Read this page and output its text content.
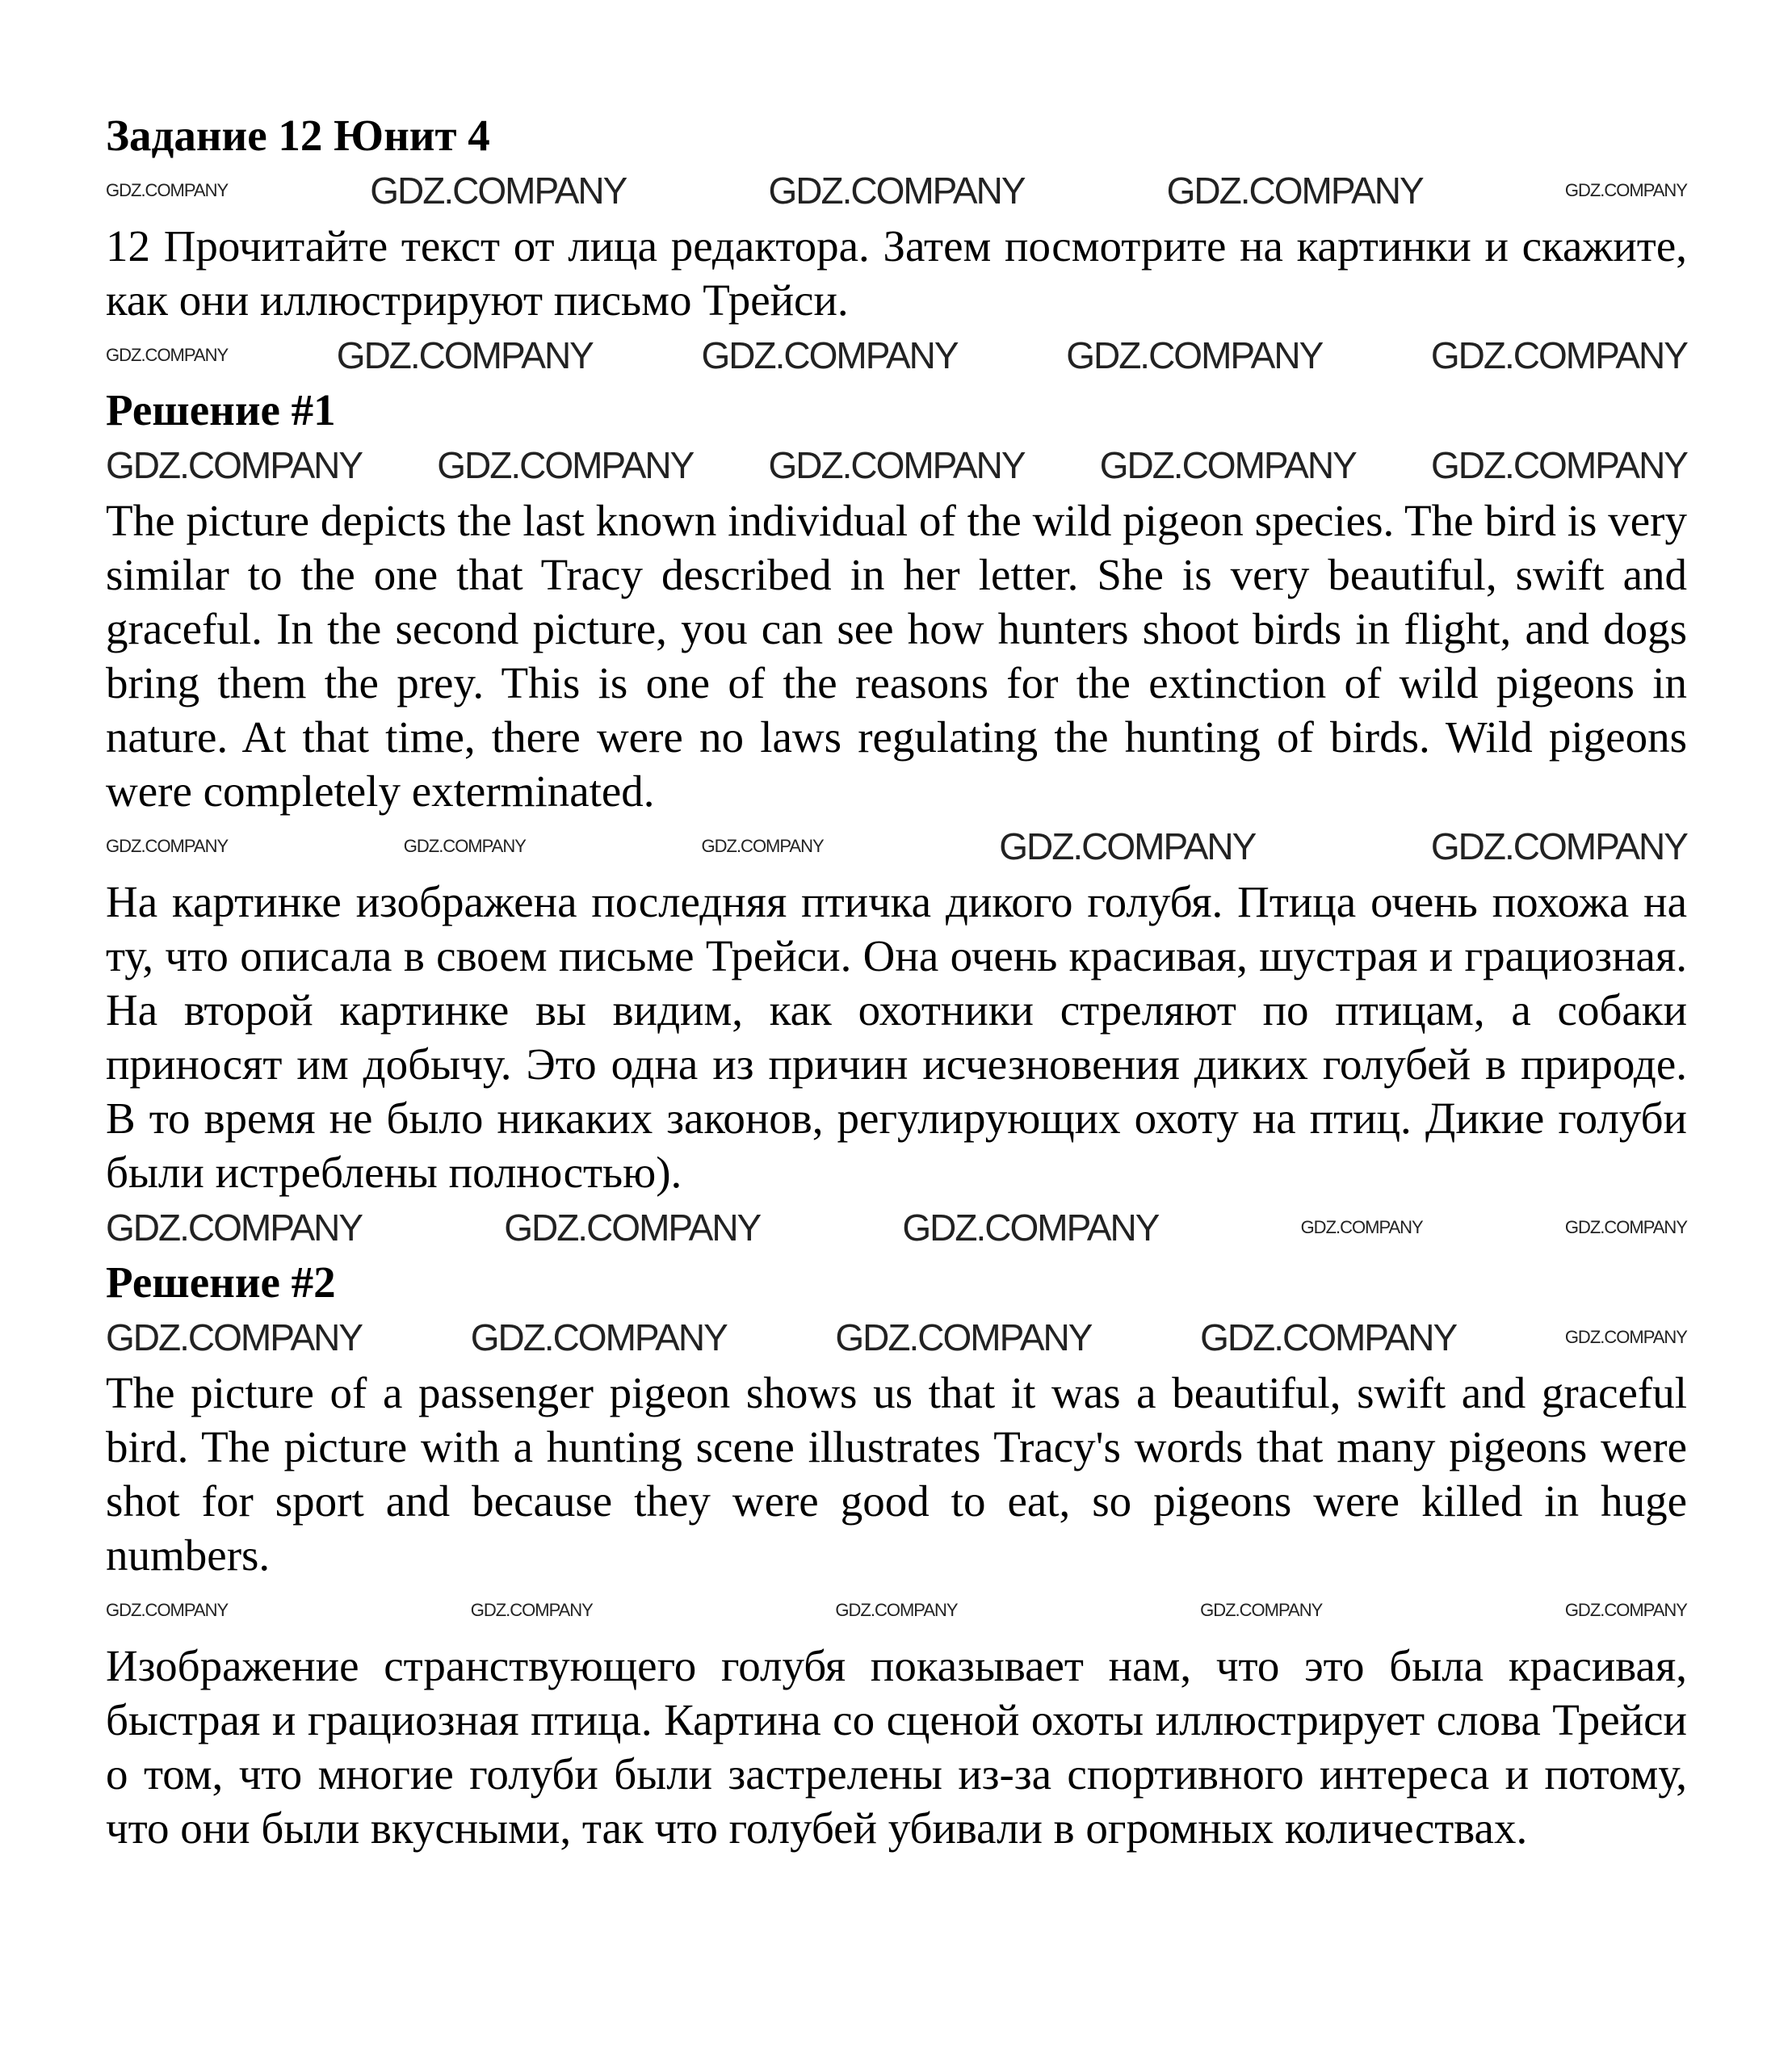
Задание 12 Юнит 4
GDZ.COMPANY	GDZ.COMPANY	GDZ.COMPANY	GDZ.COMPANY	GDZ.COMPANY

12 Прочитайте текст от лица редактора. Затем посмотрите на картинки и скажите, как они иллюстрируют письмо Трейси.

GDZ.COMPANY	GDZ.COMPANY	GDZ.COMPANY	GDZ.COMPANY	GDZ.COMPANY
Решение #1
GDZ.COMPANY GDZ.COMPANY GDZ.COMPANY GDZ.COMPANY GDZ.COMPANY

The picture depicts the last known individual of the wild pigeon species. The bird is very similar to the one that Tracy described in her letter. She is very beautiful, swift and graceful. In the second picture, you can see how hunters shoot birds in flight, and dogs bring them the prey. This is one of the reasons for the extinction of wild pigeons in nature. At that time, there were no laws regulating the hunting of birds. Wild pigeons were completely exterminated.

GDZ.COMPANY	GDZ.COMPANY	GDZ.COMPANY	GDZ.COMPANY	GDZ.COMPANY

На картинке изображена последняя птичка дикого голубя. Птица очень похожа на ту, что описала в своем письме Трейси. Она очень красивая, шустрая и грациозная. На второй картинке вы видим, как охотники стреляют по птицам, а собаки приносят им добычу. Это одна из причин исчезновения диких голубей в природе. В то время не было никаких законов, регулирующих охоту на птиц. Дикие голуби были истреблены полностью).

GDZ.COMPANY	GDZ.COMPANY	GDZ.COMPANY	GDZ.COMPANY	GDZ.COMPANY
Решение #2
GDZ.COMPANY	GDZ.COMPANY	GDZ.COMPANY	GDZ.COMPANY	GDZ.COMPANY

The picture of a passenger pigeon shows us that it was a beautiful, swift and graceful bird. The picture with a hunting scene illustrates Tracy's words that many pigeons were shot for sport and because they were good to eat, so pigeons were killed in huge numbers.

GDZ.COMPANY	GDZ.COMPANY	GDZ.COMPANY	GDZ.COMPANY	GDZ.COMPANY

Изображение странствующего голубя показывает нам, что это была красивая, быстрая и грациозная птица. Картина со сценой охоты иллюстрирует слова Трейси о том, что многие голуби были застрелены из-за спортивного интереса и потому, что они были вкусными, так что голубей убивали в огромных количествах.
